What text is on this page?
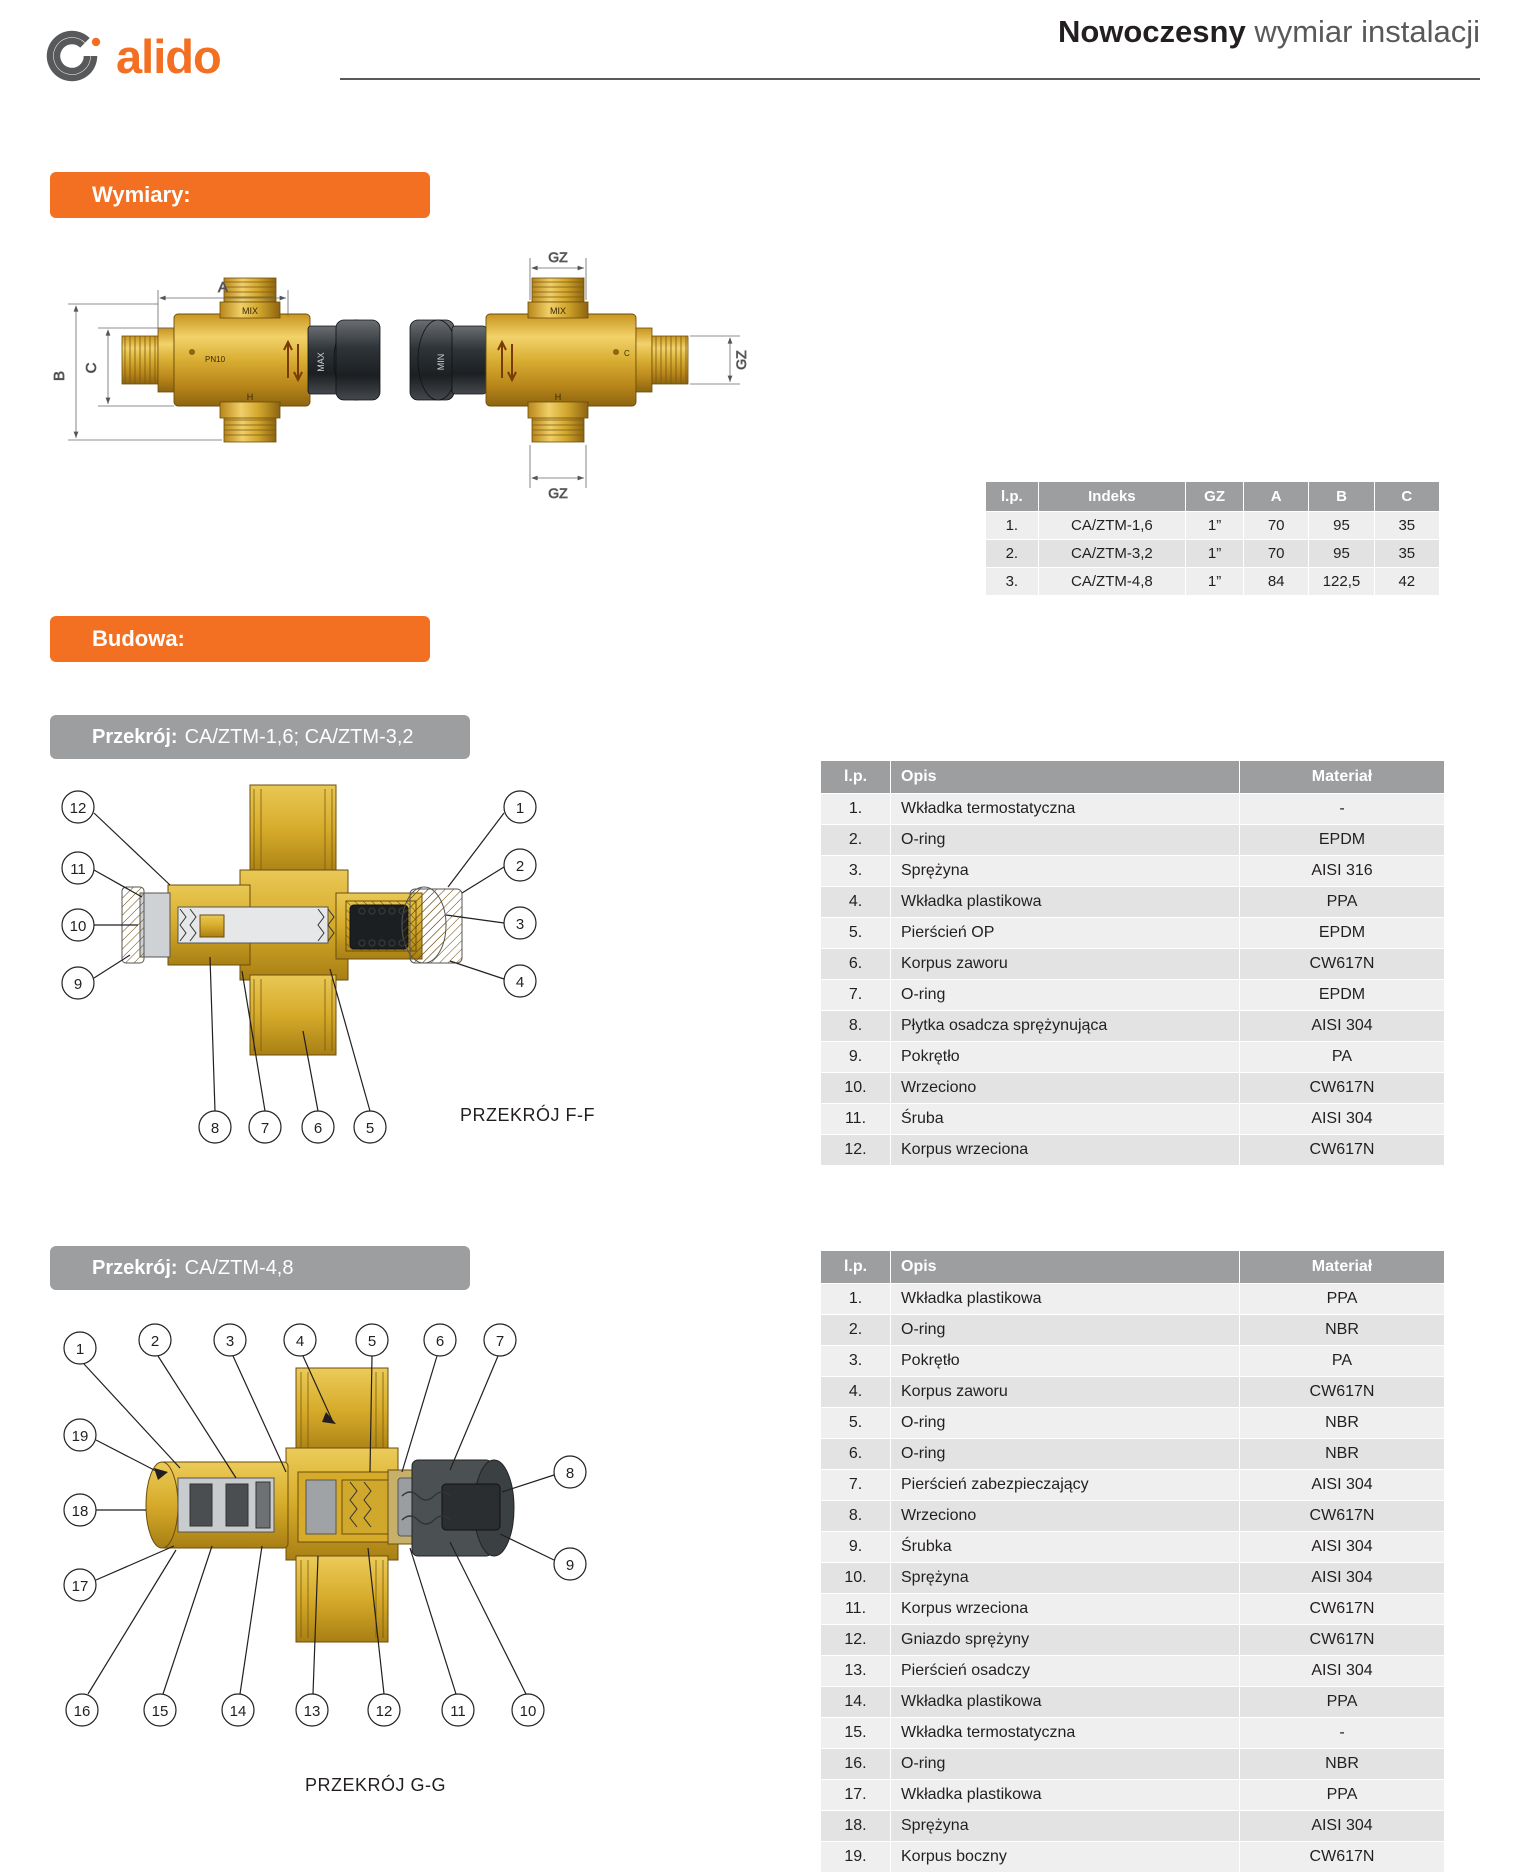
alido	Nowoczesny wymiar instalacji
Wymiary:
Budowa:
Przekrój: CA/ZTM-1,6; CA/ZTM-3,2
Przekrój: CA/ZTM-4,8
MIX
PN10
H
MAX	MIN
MIX
H
C
A
B
C
GZ
GZ
GZ
l.p.	Indeks	GZ	A	B	C
1.	CA/ZTM-1,6	1”	70	95	35
2.	CA/ZTM-3,2	1”	70	95	35
3.	CA/ZTM-4,8	1”	84	122,5	42
12
11
10
9
1
2
3
4
8	7	6	5
PRZEKRÓJ F-F
l.p.	Opis	Materiał
1.	Wkładka termostatyczna	-
2.	O-ring	EPDM
3.	Sprężyna	AISI 316
4.	Wkładka plastikowa	PPA
5.	Pierścień OP	EPDM
6.	Korpus zaworu	CW617N
7.	O-ring	EPDM
8.	Płytka osadcza sprężynująca	AISI 304
9.	Pokrętło	PA
10.	Wrzeciono	CW617N
11.	Śruba	AISI 304
12.	Korpus wrzeciona	CW617N
1	2	3	4	5	6	7
19
18
17
8
9
16	15	14	13	12	11	10
PRZEKRÓJ G-G
l.p.	Opis	Materiał
1.	Wkładka plastikowa	PPA
2.	O-ring	NBR
3.	Pokrętło	PA
4.	Korpus zaworu	CW617N
5.	O-ring	NBR
6.	O-ring	NBR
7.	Pierścień zabezpieczający	AISI 304
8.	Wrzeciono	CW617N
9.	Śrubka	AISI 304
10.	Sprężyna	AISI 304
11.	Korpus wrzeciona	CW617N
12.	Gniazdo sprężyny	CW617N
13.	Pierścień osadczy	AISI 304
14.	Wkładka plastikowa	PPA
15.	Wkładka termostatyczna	-
16.	O-ring	NBR
17.	Wkładka plastikowa	PPA
18.	Sprężyna	AISI 304
19.	Korpus boczny	CW617N
